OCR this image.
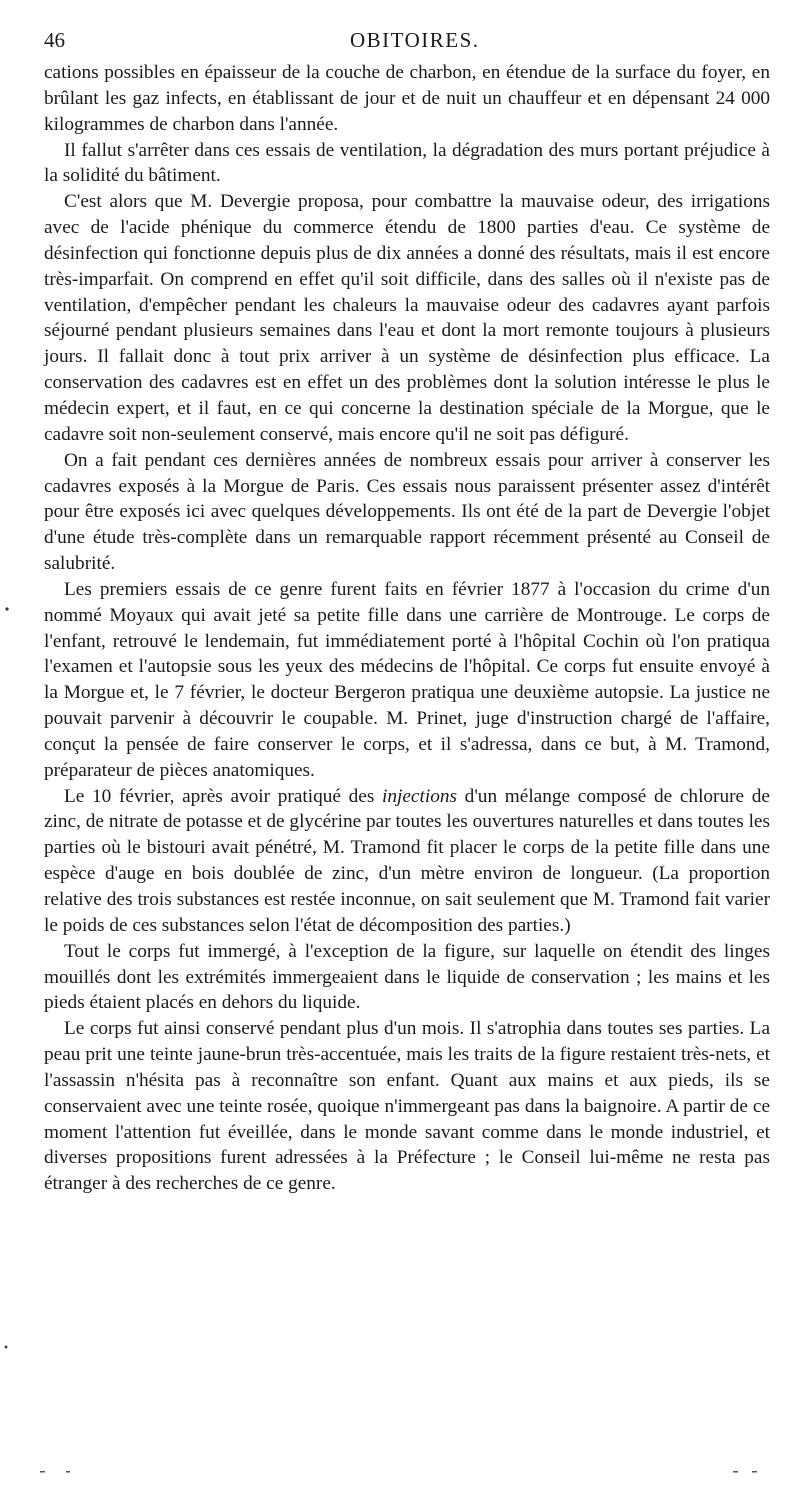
46	OBITOIRES.

cations possibles en épaisseur de la couche de charbon, en étendue de la surface du foyer, en brûlant les gaz infects, en établissant de jour et de nuit un chauffeur et en dépensant 24 000 kilogrammes de charbon dans l'année.

Il fallut s'arrêter dans ces essais de ventilation, la dégradation des murs portant préjudice à la solidité du bâtiment.

C'est alors que M. Devergie proposa, pour combattre la mauvaise odeur, des irrigations avec de l'acide phénique du commerce étendu de 1800 parties d'eau. Ce système de désinfection qui fonctionne depuis plus de dix années a donné des résultats, mais il est encore très-imparfait. On comprend en effet qu'il soit difficile, dans des salles où il n'existe pas de ventilation, d'empêcher pendant les chaleurs la mauvaise odeur des cadavres ayant parfois séjourné pendant plusieurs semaines dans l'eau et dont la mort remonte toujours à plusieurs jours. Il fallait donc à tout prix arriver à un système de désinfection plus efficace. La conservation des cadavres est en effet un des problèmes dont la solution intéresse le plus le médecin expert, et il faut, en ce qui concerne la destination spéciale de la Morgue, que le cadavre soit non-seulement conservé, mais encore qu'il ne soit pas défiguré.

On a fait pendant ces dernières années de nombreux essais pour arriver à conserver les cadavres exposés à la Morgue de Paris. Ces essais nous paraissent présenter assez d'intérêt pour être exposés ici avec quelques développements. Ils ont été de la part de Devergie l'objet d'une étude très-complète dans un remarquable rapport récemment présenté au Conseil de salubrité.

Les premiers essais de ce genre furent faits en février 1877 à l'occasion du crime d'un nommé Moyaux qui avait jeté sa petite fille dans une carrière de Montrouge. Le corps de l'enfant, retrouvé le lendemain, fut immédiatement porté à l'hôpital Cochin où l'on pratiqua l'examen et l'autopsie sous les yeux des médecins de l'hôpital. Ce corps fut ensuite envoyé à la Morgue et, le 7 février, le docteur Bergeron pratiqua une deuxième autopsie. La justice ne pouvait parvenir à découvrir le coupable. M. Prinet, juge d'instruction chargé de l'affaire, conçut la pensée de faire conserver le corps, et il s'adressa, dans ce but, à M. Tramond, préparateur de pièces anatomiques.

Le 10 février, après avoir pratiqué des injections d'un mélange composé de chlorure de zinc, de nitrate de potasse et de glycérine par toutes les ouvertures naturelles et dans toutes les parties où le bistouri avait pénétré, M. Tramond fit placer le corps de la petite fille dans une espèce d'auge en bois doublée de zinc, d'un mètre environ de longueur. (La proportion relative des trois substances est restée inconnue, on sait seulement que M. Tramond fait varier le poids de ces substances selon l'état de décomposition des parties.)

Tout le corps fut immergé, à l'exception de la figure, sur laquelle on étendit des linges mouillés dont les extrémités immergeaient dans le liquide de conservation ; les mains et les pieds étaient placés en dehors du liquide.

Le corps fut ainsi conservé pendant plus d'un mois. Il s'atrophia dans toutes ses parties. La peau prit une teinte jaune-brun très-accentuée, mais les traits de la figure restaient très-nets, et l'assassin n'hésita pas à reconnaître son enfant. Quant aux mains et aux pieds, ils se conservaient avec une teinte rosée, quoique n'immergeant pas dans la baignoire. A partir de ce moment l'attention fut éveillée, dans le monde savant comme dans le monde industriel, et diverses propositions furent adressées à la Préfecture ; le Conseil lui-même ne resta pas étranger à des recherches de ce genre.
